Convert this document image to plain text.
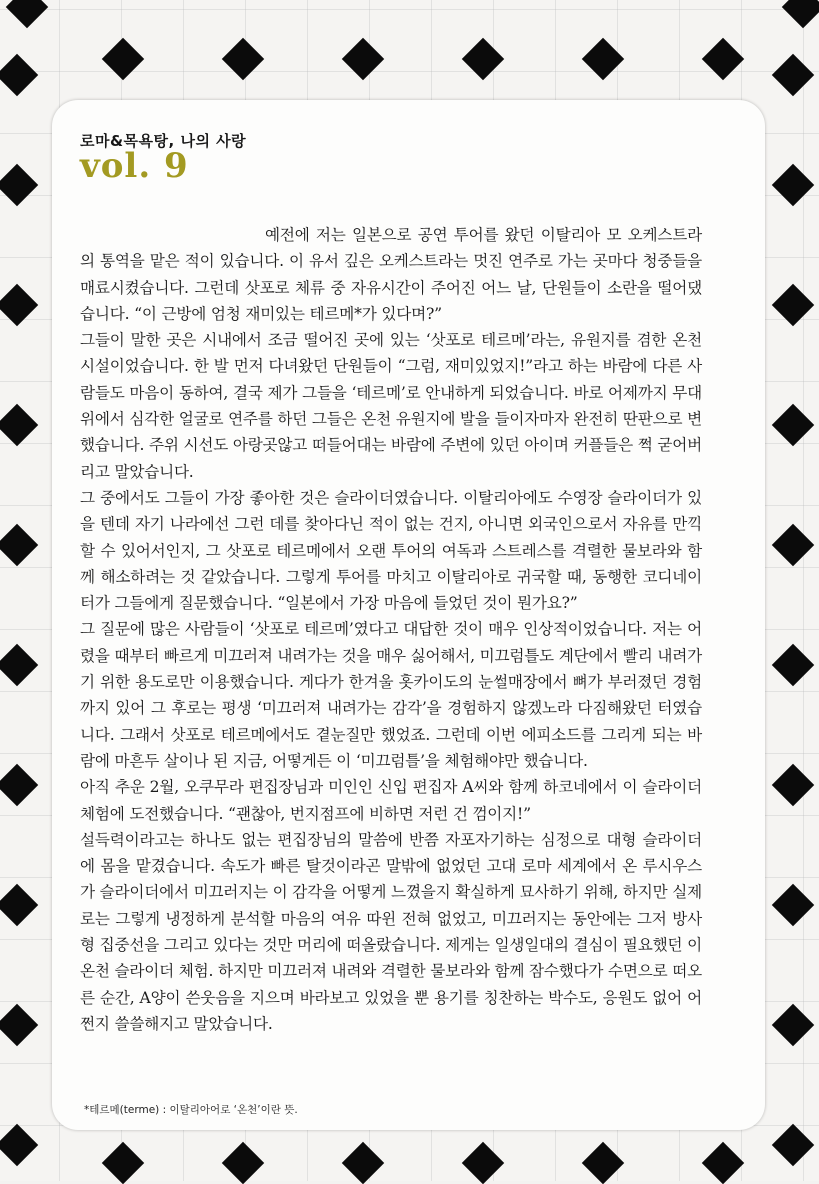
로마&목욕탕, 나의 사랑
vol. 9

예전에 저는 일본으로 공연 투어를 왔던 이탈리아 모 오케스트라의 통역을 맡은 적이 있습니다. 이 유서 깊은 오케스트라는 멋진 연주로 가는 곳마다 청중들을 매료시켰습니다. 그런데 삿포로 체류 중 자유시간이 주어진 어느 날, 단원들이 소란을 떨어댔습니다. “이 근방에 엄청 재미있는 테르메*가 있다며?”

그들이 말한 곳은 시내에서 조금 떨어진 곳에 있는 ‘삿포로 테르메’라는, 유원지를 겸한 온천 시설이었습니다. 한 발 먼저 다녀왔던 단원들이 “그럼, 재미있었지!”라고 하는 바람에 다른 사람들도 마음이 동하여, 결국 제가 그들을 ‘테르메’로 안내하게 되었습니다. 바로 어제까지 무대 위에서 심각한 얼굴로 연주를 하던 그들은 온천 유원지에 발을 들이자마자 완전히 딴판으로 변했습니다. 주위 시선도 아랑곳않고 떠들어대는 바람에 주변에 있던 아이며 커플들은 쩍 굳어버리고 말았습니다.

그 중에서도 그들이 가장 좋아한 것은 슬라이더였습니다. 이탈리아에도 수영장 슬라이더가 있을 텐데 자기 나라에선 그런 데를 찾아다닌 적이 없는 건지, 아니면 외국인으로서 자유를 만끽할 수 있어서인지, 그 삿포로 테르메에서 오랜 투어의 여독과 스트레스를 격렬한 물보라와 함께 해소하려는 것 같았습니다. 그렇게 투어를 마치고 이탈리아로 귀국할 때, 동행한 코디네이터가 그들에게 질문했습니다. “일본에서 가장 마음에 들었던 것이 뭔가요?”

그 질문에 많은 사람들이 ‘삿포로 테르메’였다고 대답한 것이 매우 인상적이었습니다. 저는 어렸을 때부터 빠르게 미끄러져 내려가는 것을 매우 싫어해서, 미끄럼틀도 계단에서 빨리 내려가기 위한 용도로만 이용했습니다. 게다가 한겨울 홋카이도의 눈썰매장에서 뼈가 부러졌던 경험까지 있어 그 후로는 평생 ‘미끄러져 내려가는 감각’을 경험하지 않겠노라 다짐해왔던 터였습니다. 그래서 삿포로 테르메에서도 곁눈질만 했었죠. 그런데 이번 에피소드를 그리게 되는 바람에 마흔두 살이나 된 지금, 어떻게든 이 ‘미끄럼틀’을 체험해야만 했습니다.

아직 추운 2월, 오쿠무라 편집장님과 미인인 신입 편집자 A씨와 함께 하코네에서 이 슬라이더 체험에 도전했습니다. “괜찮아, 번지점프에 비하면 저런 건 껌이지!”

설득력이라고는 하나도 없는 편집장님의 말씀에 반쯤 자포자기하는 심정으로 대형 슬라이더에 몸을 맡겼습니다. 속도가 빠른 탈것이라곤 말밖에 없었던 고대 로마 세계에서 온 루시우스가 슬라이더에서 미끄러지는 이 감각을 어떻게 느꼈을지 확실하게 묘사하기 위해, 하지만 실제로는 그렇게 냉정하게 분석할 마음의 여유 따윈 전혀 없었고, 미끄러지는 동안에는 그저 방사형 집중선을 그리고 있다는 것만 머리에 떠올랐습니다. 제게는 일생일대의 결심이 필요했던 이 온천 슬라이더 체험. 하지만 미끄러져 내려와 격렬한 물보라와 함께 잠수했다가 수면으로 떠오른 순간, A양이 쓴웃음을 지으며 바라보고 있었을 뿐 용기를 칭찬하는 박수도, 응원도 없어 어쩐지 쓸쓸해지고 말았습니다.

*테르메(terme) : 이탈리아어로 ‘온천’이란 뜻.
